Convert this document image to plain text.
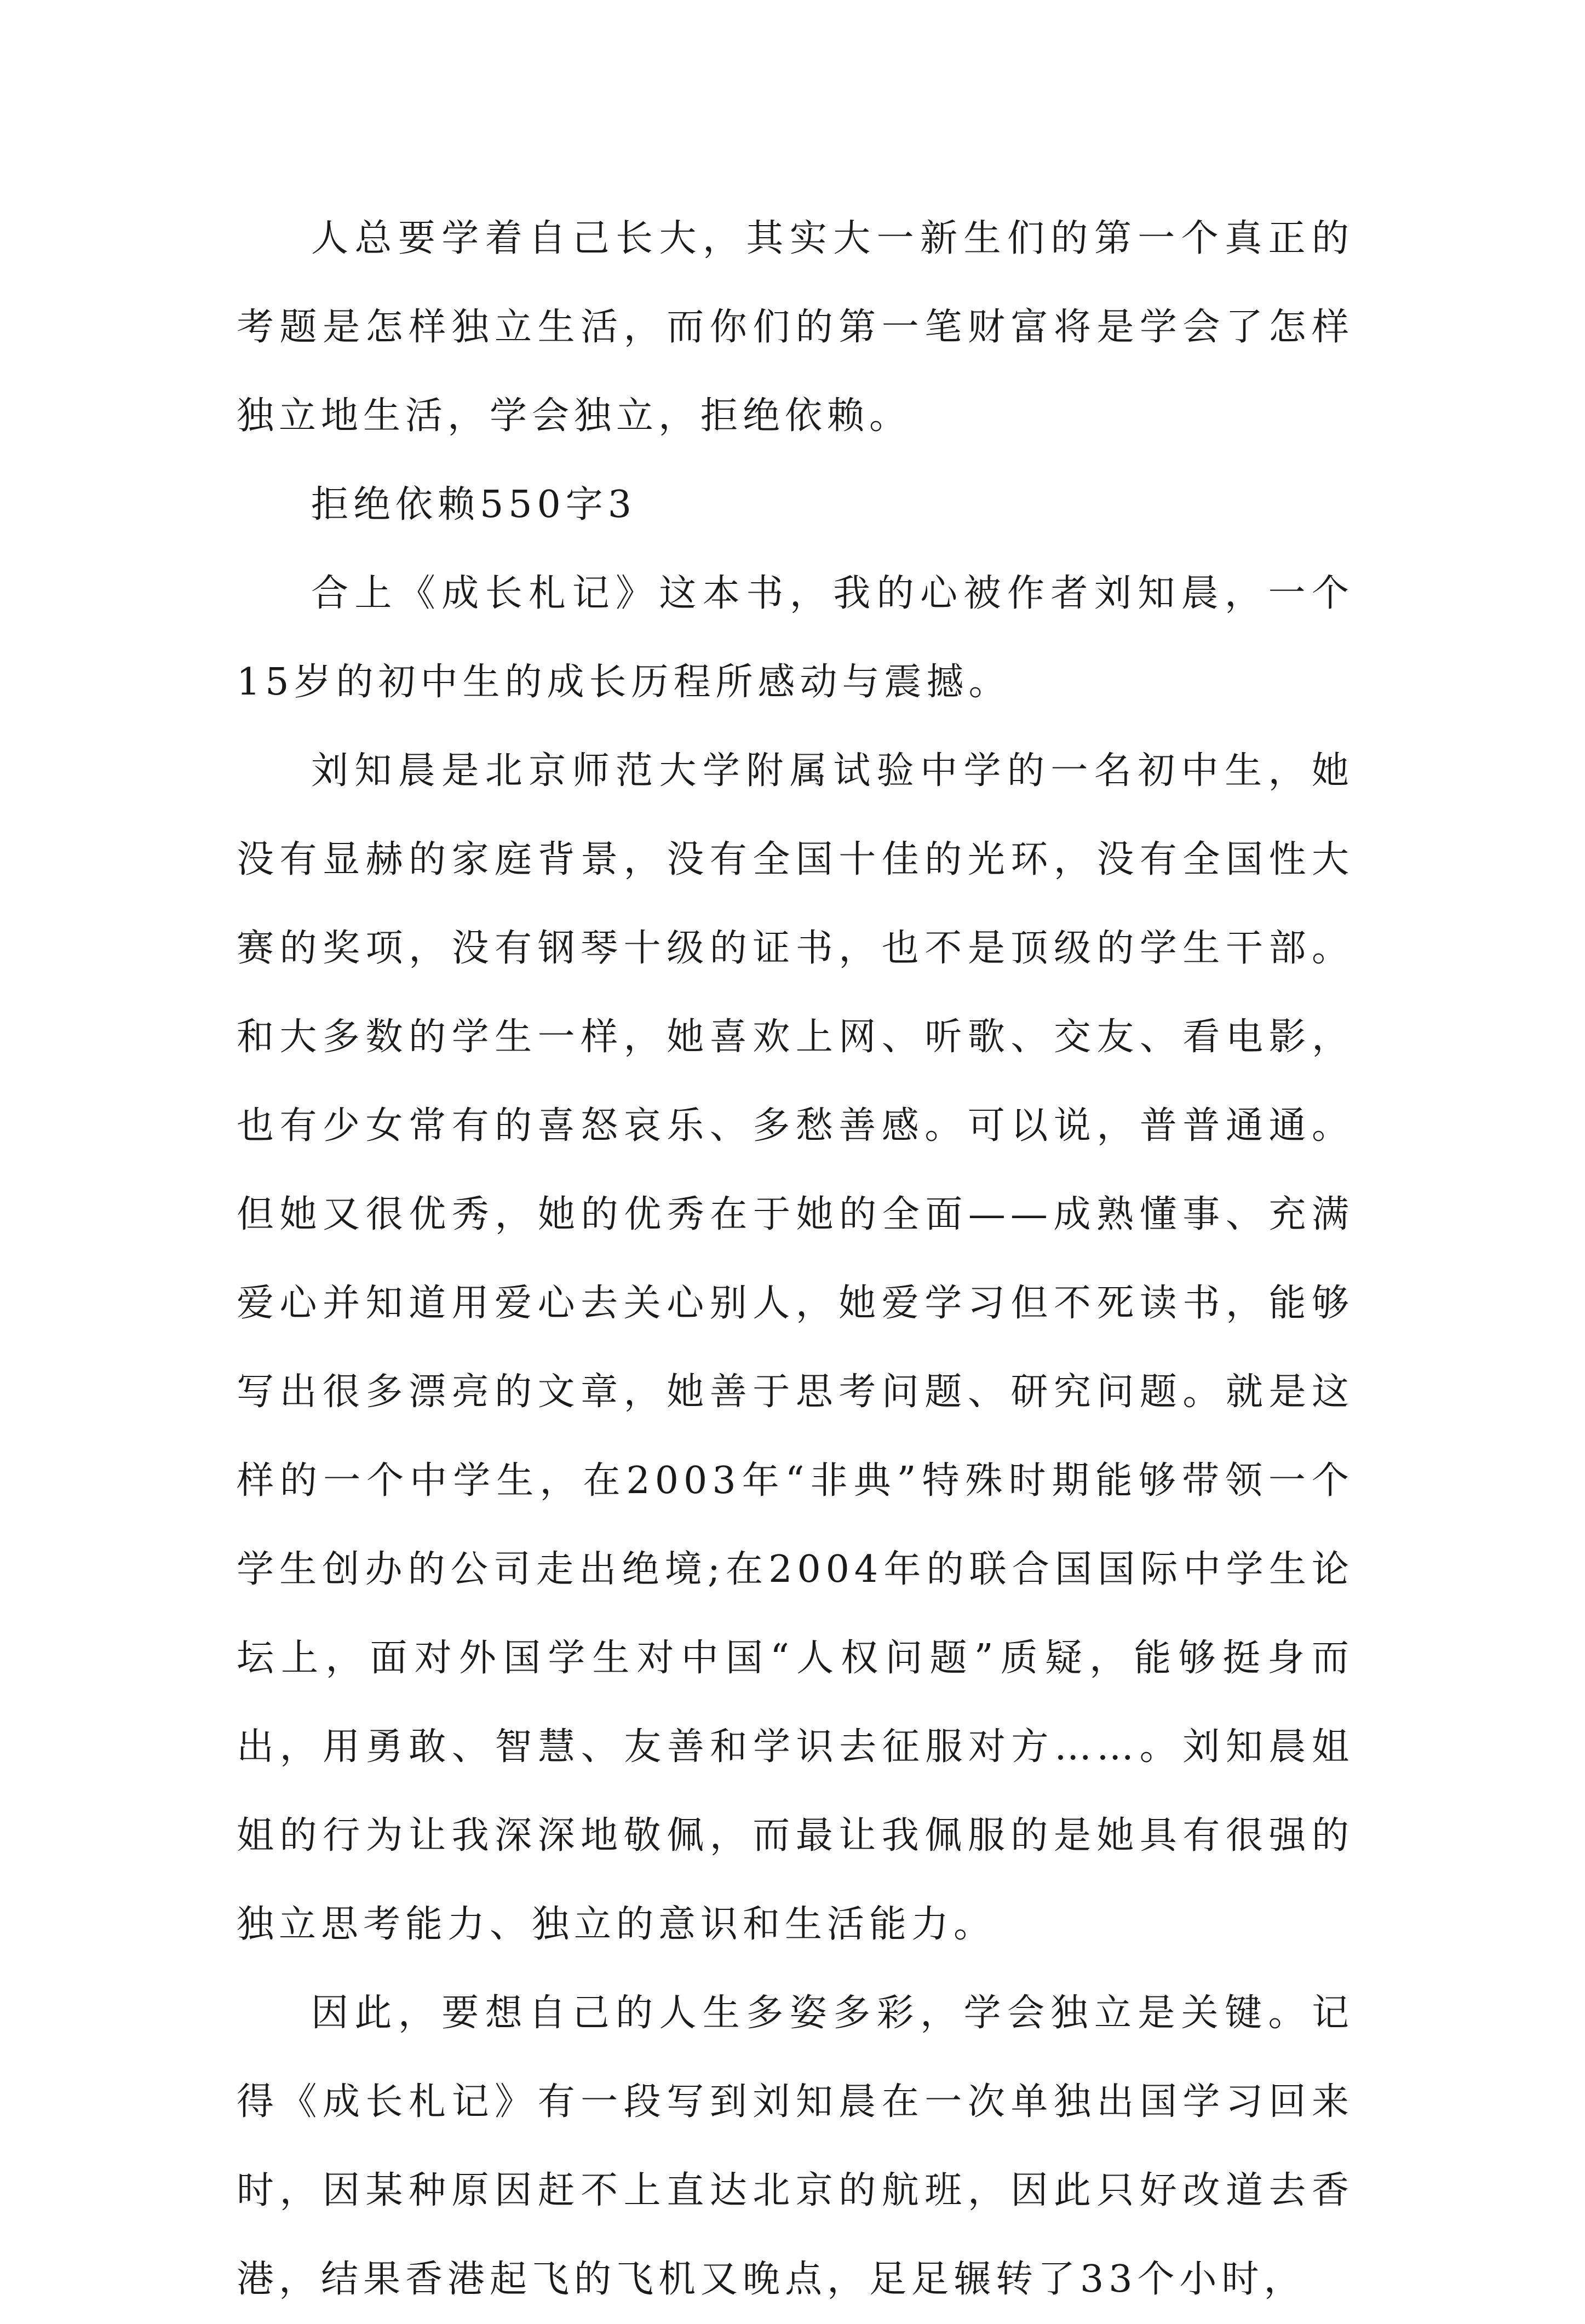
人总要学着自己长大，其实大一新生们的第一个真正的考题是怎样独立生活，而你们的第一笔财富将是学会了怎样独立地生活，学会独立，拒绝依赖。

拒绝依赖550字3

合上《成长札记》这本书，我的心被作者刘知晨，一个15岁的初中生的成长历程所感动与震撼。

刘知晨是北京师范大学附属试验中学的一名初中生，她没有显赫的家庭背景，没有全国十佳的光环，没有全国性大赛的奖项，没有钢琴十级的证书，也不是顶级的学生干部。和大多数的学生一样，她喜欢上网、听歌、交友、看电影，也有少女常有的喜怒哀乐、多愁善感。可以说，普普通通。但她又很优秀，她的优秀在于她的全面——成熟懂事、充满爱心并知道用爱心去关心别人，她爱学习但不死读书，能够写出很多漂亮的文章，她善于思考问题、研究问题。就是这样的一个中学生，在2003年“非典”特殊时期能够带领一个学生创办的公司走出绝境;在2004年的联合国国际中学生论坛上，面对外国学生对中国“人权问题”质疑，能够挺身而出，用勇敢、智慧、友善和学识去征服对方……。刘知晨姐姐的行为让我深深地敬佩，而最让我佩服的是她具有很强的独立思考能力、独立的意识和生活能力。

因此，要想自己的人生多姿多彩，学会独立是关键。记得《成长札记》有一段写到刘知晨在一次单独出国学习回来时，因某种原因赶不上直达北京的航班，因此只好改道去香港，结果香港起飞的飞机又晚点，足足辗转了33个小时，
